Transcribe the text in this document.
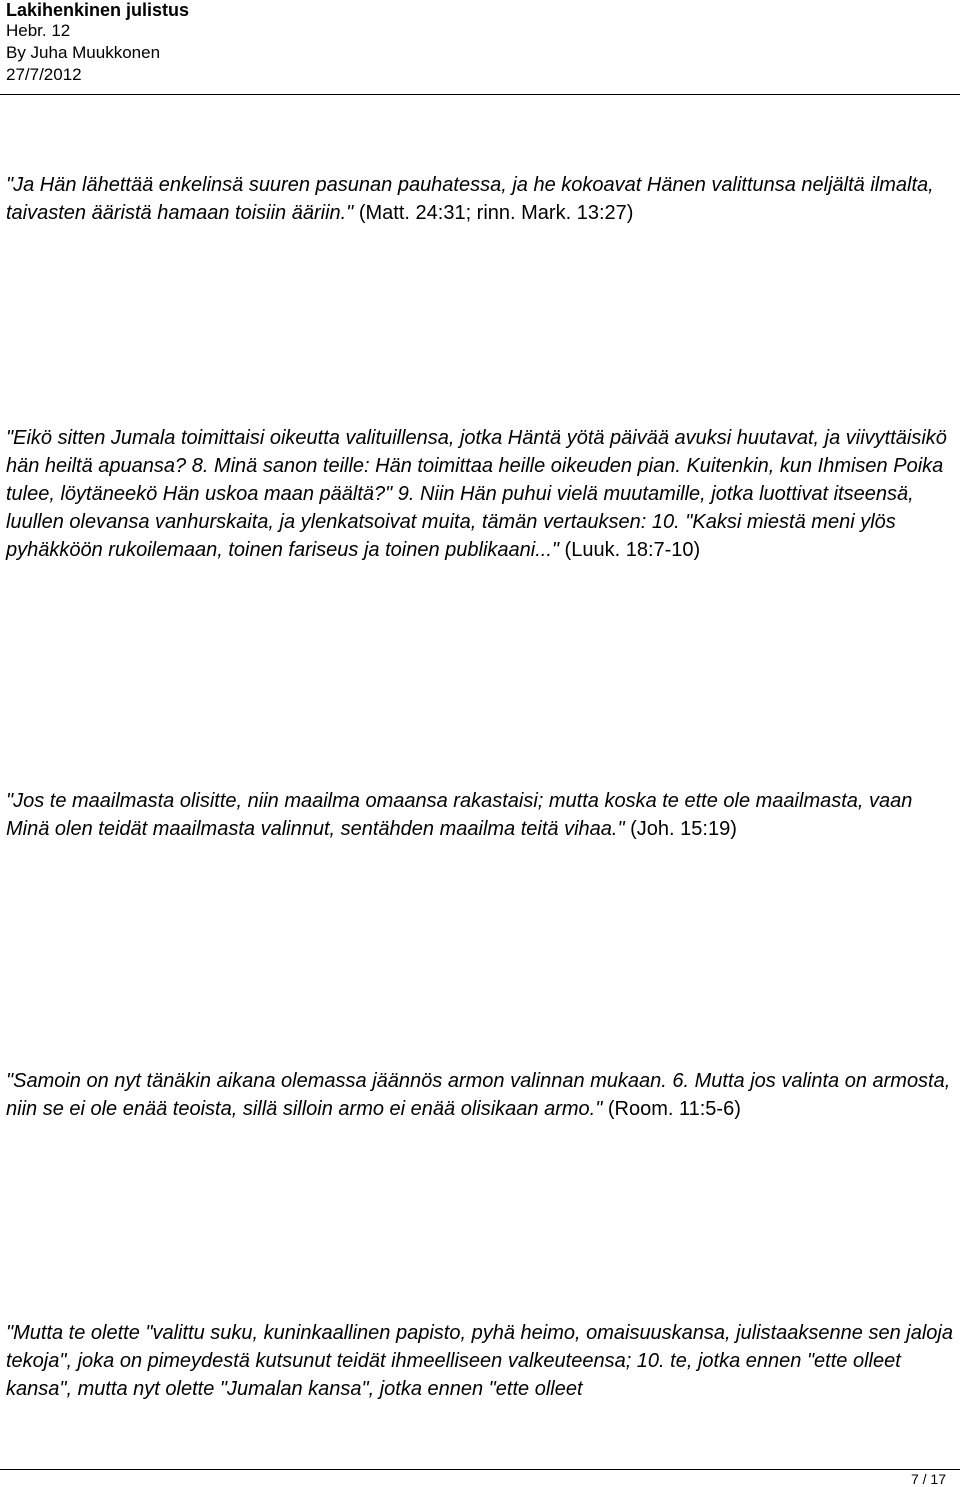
Lakihenkinen julistus
Hebr. 12
By Juha Muukkonen
27/7/2012

"Ja Hän lähettää enkelinsä suuren pasunan pauhatessa, ja he kokoavat Hänen valittunsa neljältä ilmalta, taivasten ääristä hamaan toisiin ääriin." (Matt. 24:31; rinn. Mark. 13:27)

"Eikö sitten Jumala toimittaisi oikeutta valituillensa, jotka Häntä yötä päivää avuksi huutavat, ja viivyttäisikö hän heiltä apuansa? 8. Minä sanon teille: Hän toimittaa heille oikeuden pian. Kuitenkin, kun Ihmisen Poika tulee, löytäneekö Hän uskoa maan päältä?" 9. Niin Hän puhui vielä muutamille, jotka luottivat itseensä, luullen olevansa vanhurskaita, ja ylenkatsoivat muita, tämän vertauksen: 10. "Kaksi miestä meni ylös pyhäkköön rukoilemaan, toinen fariseus ja toinen publikaani..." (Luuk. 18:7-10)

"Jos te maailmasta olisitte, niin maailma omaansa rakastaisi; mutta koska te ette ole maailmasta, vaan Minä olen teidät maailmasta valinnut, sentähden maailma teitä vihaa." (Joh. 15:19)

"Samoin on nyt tänäkin aikana olemassa jäännös armon valinnan mukaan. 6. Mutta jos valinta on armosta, niin se ei ole enää teoista, sillä silloin armo ei enää olisikaan armo." (Room. 11:5-6)

"Mutta te olette "valittu suku, kuninkaallinen papisto, pyhä heimo, omaisuuskansa, julistaaksenne sen jaloja tekoja", joka on pimeydestä kutsunut teidät ihmeelliseen valkeuteensa; 10. te, jotka ennen "ette olleet kansa", mutta nyt olette "Jumalan kansa", jotka ennen "ette olleet

7 / 17
